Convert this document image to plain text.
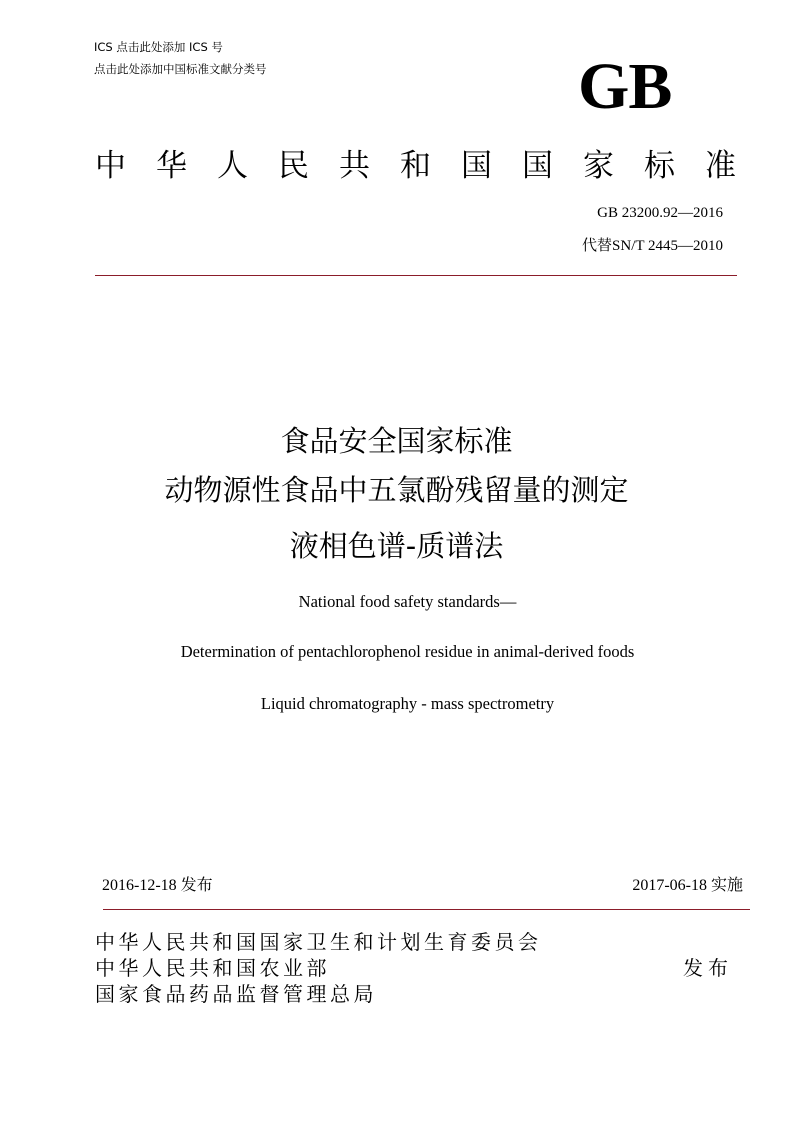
ICS 点击此处添加 ICS 号
点击此处添加中国标准文献分类号	GB
中 华 人 民 共 和 国 国 家 标 准
GB 23200.92—2016
代替SN/T 2445—2010
食品安全国家标准
动物源性食品中五氯酚残留量的测定
液相色谱-质谱法
National food safety standards—
Determination of pentachlorophenol residue in animal-derived foods
Liquid chromatography - mass spectrometry
2016-12-18 发布	2017-06-18 实施
中华人民共和国国家卫生和计划生育委员会
中华人民共和国农业部
国家食品药品监督管理总局
发布
